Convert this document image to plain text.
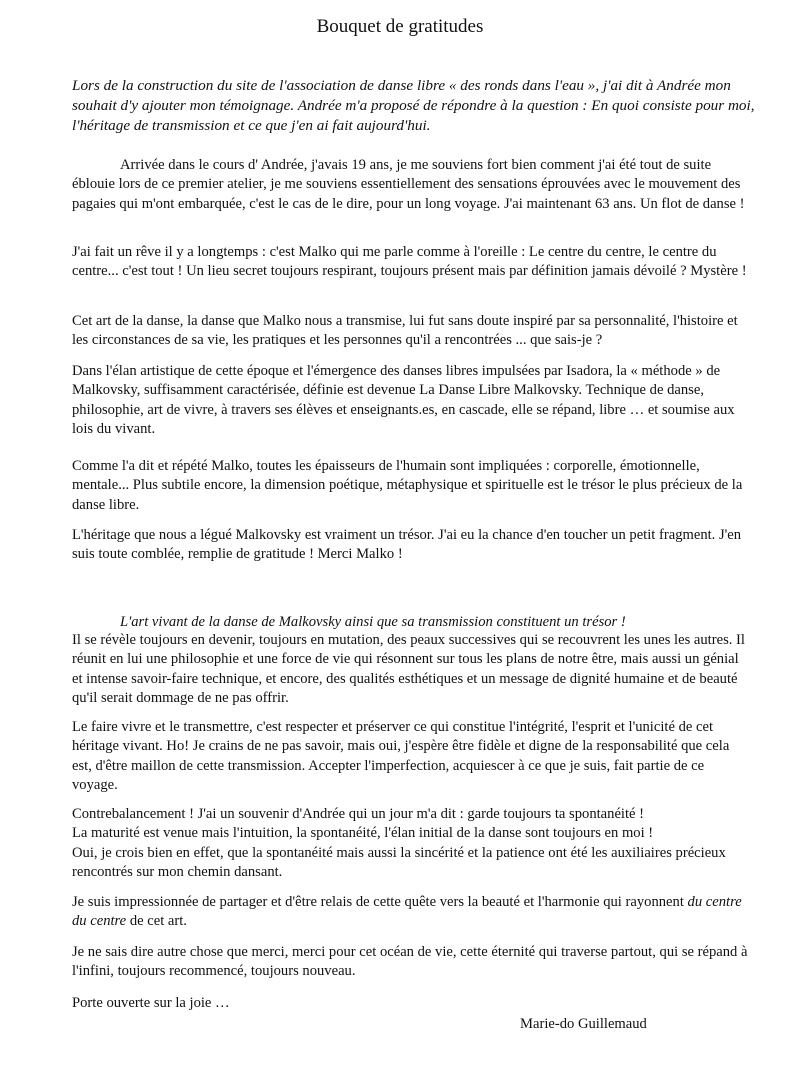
Bouquet de gratitudes

Lors de la construction du site de l'association de danse libre « des ronds dans l'eau », j'ai dit à Andrée mon souhait d'y ajouter mon témoignage. Andrée m'a proposé de répondre à la question : En quoi consiste pour moi, l'héritage de transmission et ce que j'en ai fait aujourd'hui.

Arrivée dans le cours d' Andrée, j'avais 19 ans, je me souviens fort bien comment j'ai été tout de suite éblouie lors de ce premier atelier, je me souviens essentiellement des sensations éprouvées avec le mouvement des pagaies qui m'ont embarquée, c'est le cas de le dire, pour un long voyage. J'ai maintenant 63 ans. Un flot de danse !

J'ai fait un rêve il y a longtemps : c'est Malko qui me parle comme à l'oreille : Le centre du centre, le centre du centre... c'est tout ! Un lieu secret toujours respirant, toujours présent mais par définition jamais dévoilé ? Mystère !

Cet art de la danse, la danse que Malko nous a transmise, lui fut sans doute inspiré par sa personnalité, l'histoire et les circonstances de sa vie, les pratiques et les personnes qu'il a rencontrées ... que sais-je ?

Dans l'élan artistique de cette époque et l'émergence des danses libres impulsées par Isadora, la « méthode » de Malkovsky, suffisamment caractérisée, définie est devenue La Danse Libre Malkovsky. Technique de danse, philosophie, art de vivre, à travers ses élèves et enseignants.es, en cascade, elle se répand, libre … et soumise aux lois du vivant.

Comme l'a dit et répété Malko, toutes les épaisseurs de l'humain sont impliquées : corporelle, émotionnelle, mentale... Plus subtile encore, la dimension poétique, métaphysique et spirituelle est le trésor le plus précieux de la danse libre.

L'héritage que nous a légué Malkovsky est vraiment un trésor. J'ai eu la chance d'en toucher un petit fragment. J'en suis toute comblée, remplie de gratitude ! Merci Malko !

L'art vivant de la danse de Malkovsky ainsi que sa transmission constituent un trésor !

Il se révèle toujours en devenir, toujours en mutation, des peaux successives qui se recouvrent les unes les autres. Il réunit en lui une philosophie et une force de vie qui résonnent sur tous les plans de notre être, mais aussi un génial et intense savoir-faire technique, et encore, des qualités esthétiques et un message de dignité humaine et de beauté qu'il serait dommage de ne pas offrir.

Le faire vivre et le transmettre, c'est respecter et préserver ce qui constitue l'intégrité, l'esprit et l'unicité de cet héritage vivant. Ho! Je crains de ne pas savoir, mais oui, j'espère être fidèle et digne de la responsabilité que cela est, d'être maillon de cette transmission. Accepter l'imperfection, acquiescer à ce que je suis, fait partie de ce voyage.

Contrebalancement ! J'ai un souvenir d'Andrée qui un jour m'a dit : garde toujours ta spontanéité !
La maturité est venue mais l'intuition, la spontanéité, l'élan initial de la danse sont toujours en moi !
Oui, je crois bien en effet, que la spontanéité mais aussi la sincérité et la patience ont été les auxiliaires précieux rencontrés sur mon chemin dansant.

Je suis impressionnée de partager et d'être relais de cette quête vers la beauté et l'harmonie qui rayonnent du centre du centre de cet art.

Je ne sais dire autre chose que merci, merci pour cet océan de vie, cette éternité qui traverse partout, qui se répand à l'infini, toujours recommencé, toujours nouveau.

Porte ouverte sur la joie …

Marie-do Guillemaud
